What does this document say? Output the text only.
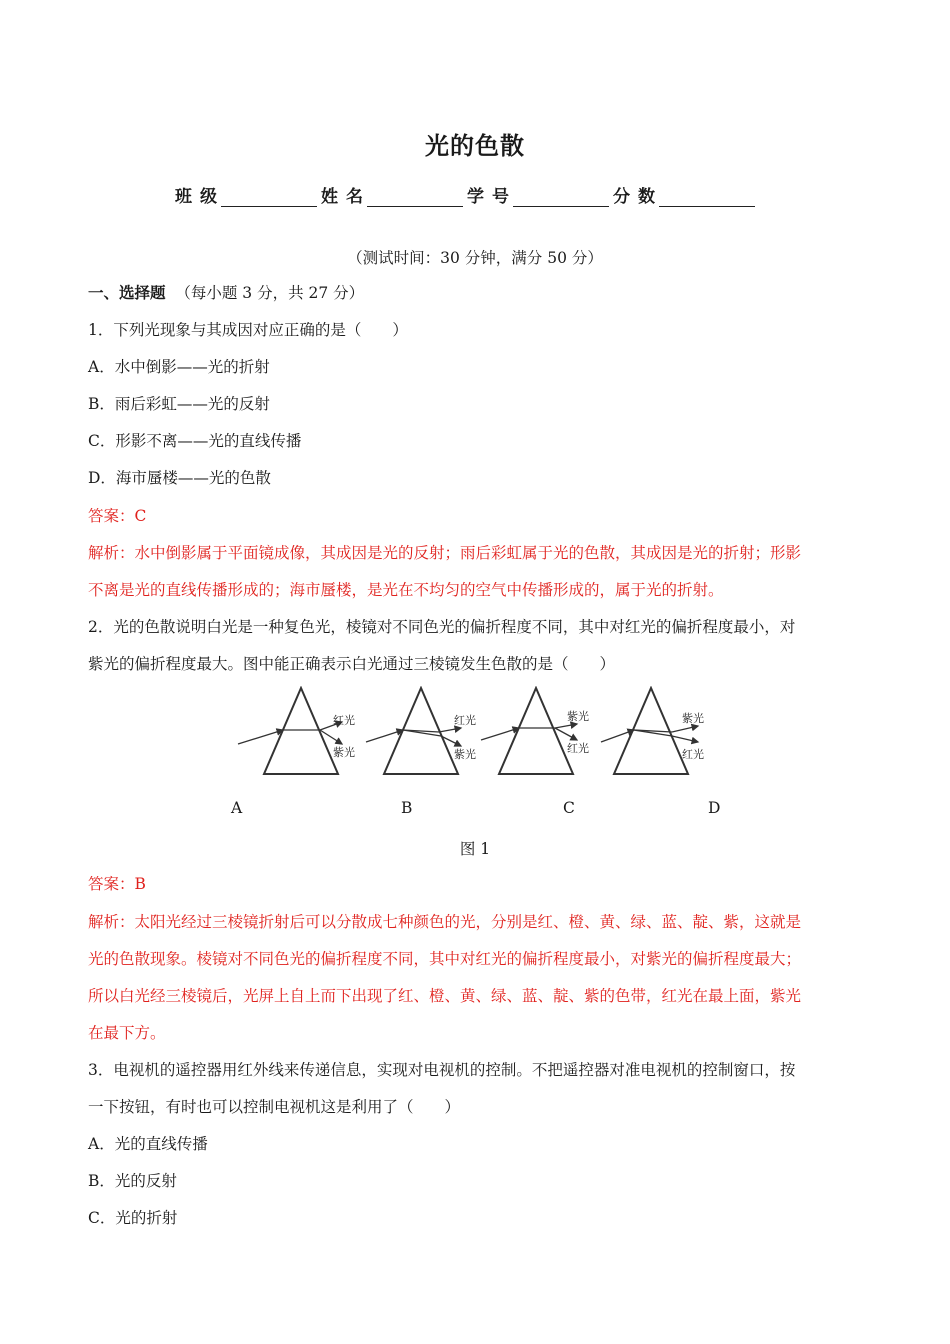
光的色散
班级	姓名	学号	分数
（测试时间：30 分钟，满分 50 分）
一、选择题 （每小题 3 分，共 27 分）
1．下列光现象与其成因对应正确的是（　　）
A．水中倒影——光的折射
B．雨后彩虹——光的反射
C．形影不离——光的直线传播
D．海市蜃楼——光的色散
答案：C
解析：水中倒影属于平面镜成像，其成因是光的反射；雨后彩虹属于光的色散，其成因是光的折射；形影
不离是光的直线传播形成的；海市蜃楼，是光在不均匀的空气中传播形成的，属于光的折射。
2．光的色散说明白光是一种复色光，棱镜对不同色光的偏折程度不同，其中对红光的偏折程度最小，对
紫光的偏折程度最大。图中能正确表示白光通过三棱镜发生色散的是（　　）
红光
紫光
红光
紫光
紫光
红光
紫光
红光
A	B	C	D
图 1
答案：B
解析：太阳光经过三棱镜折射后可以分散成七种颜色的光，分别是红、橙、黄、绿、蓝、靛、紫，这就是
光的色散现象。棱镜对不同色光的偏折程度不同，其中对红光的偏折程度最小，对紫光的偏折程度最大；
所以白光经三棱镜后，光屏上自上而下出现了红、橙、黄、绿、蓝、靛、紫的色带，红光在最上面，紫光
在最下方。
3．电视机的遥控器用红外线来传递信息，实现对电视机的控制。不把遥控器对准电视机的控制窗口，按
一下按钮，有时也可以控制电视机这是利用了（　　）
A．光的直线传播
B．光的反射
C．光的折射
